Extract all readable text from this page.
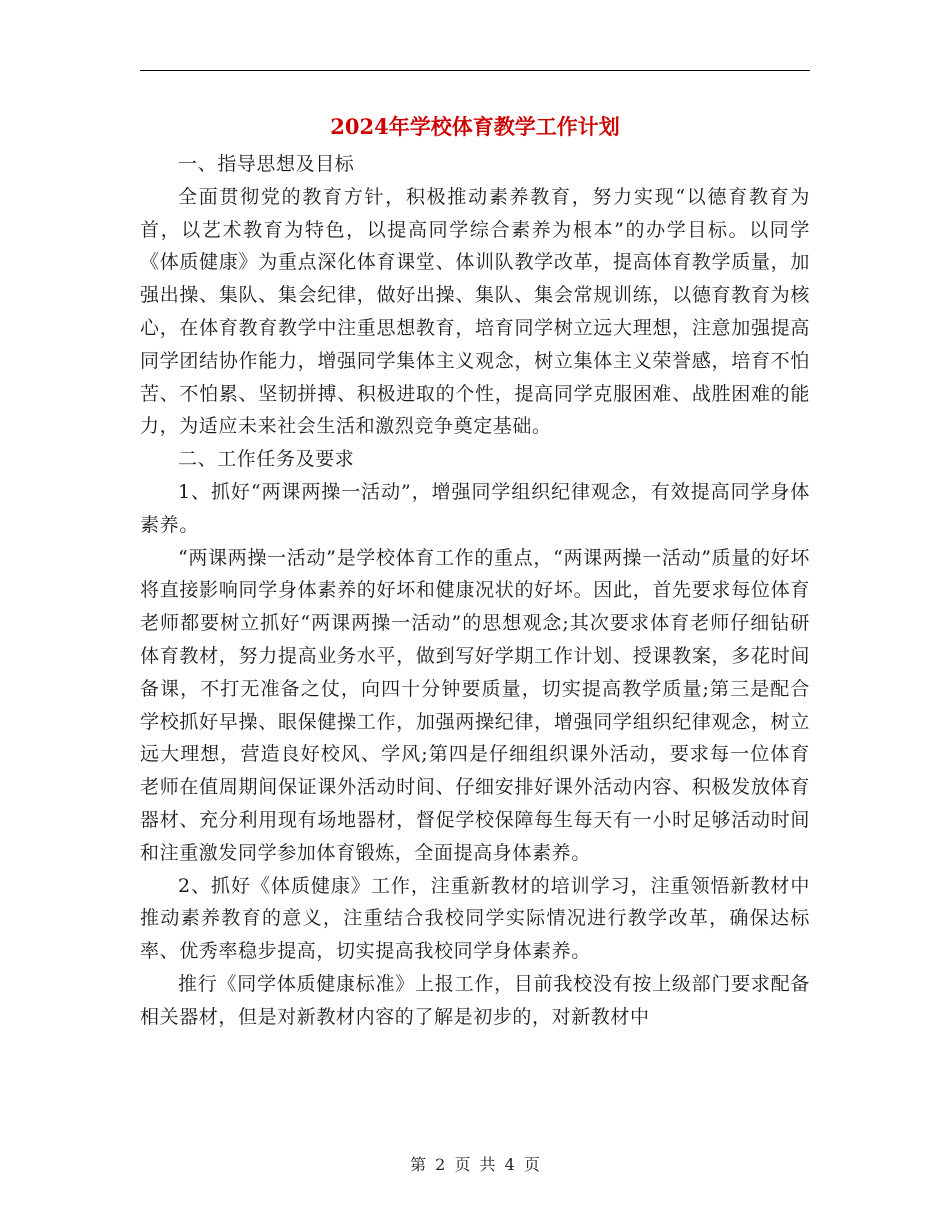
2024年学校体育教学工作计划

一、指导思想及目标

全面贯彻党的教育方针，积极推动素养教育，努力实现“以德育教育为首，以艺术教育为特色，以提高同学综合素养为根本”的办学目标。以同学《体质健康》为重点深化体育课堂、体训队教学改革，提高体育教学质量，加强出操、集队、集会纪律，做好出操、集队、集会常规训练，以德育教育为核心，在体育教育教学中注重思想教育，培育同学树立远大理想，注意加强提高同学团结协作能力，增强同学集体主义观念，树立集体主义荣誉感，培育不怕苦、不怕累、坚韧拼搏、积极进取的个性，提高同学克服困难、战胜困难的能力，为适应未来社会生活和激烈竞争奠定基础。

二、工作任务及要求

1、抓好“两课两操一活动”，增强同学组织纪律观念，有效提高同学身体素养。

“两课两操一活动”是学校体育工作的重点，“两课两操一活动”质量的好坏将直接影响同学身体素养的好坏和健康况状的好坏。因此，首先要求每位体育老师都要树立抓好“两课两操一活动”的思想观念;其次要求体育老师仔细钻研体育教材，努力提高业务水平，做到写好学期工作计划、授课教案，多花时间备课，不打无准备之仗，向四十分钟要质量，切实提高教学质量;第三是配合学校抓好早操、眼保健操工作，加强两操纪律，增强同学组织纪律观念，树立远大理想，营造良好校风、学风;第四是仔细组织课外活动，要求每一位体育老师在值周期间保证课外活动时间、仔细安排好课外活动内容、积极发放体育器材、充分利用现有场地器材，督促学校保障每生每天有一小时足够活动时间和注重激发同学参加体育锻炼，全面提高身体素养。

2、抓好《体质健康》工作，注重新教材的培训学习，注重领悟新教材中推动素养教育的意义，注重结合我校同学实际情况进行教学改革，确保达标率、优秀率稳步提高，切实提高我校同学身体素养。

推行《同学体质健康标准》上报工作，目前我校没有按上级部门要求配备相关器材，但是对新教材内容的了解是初步的，对新教材中

第 2 页 共 4 页
